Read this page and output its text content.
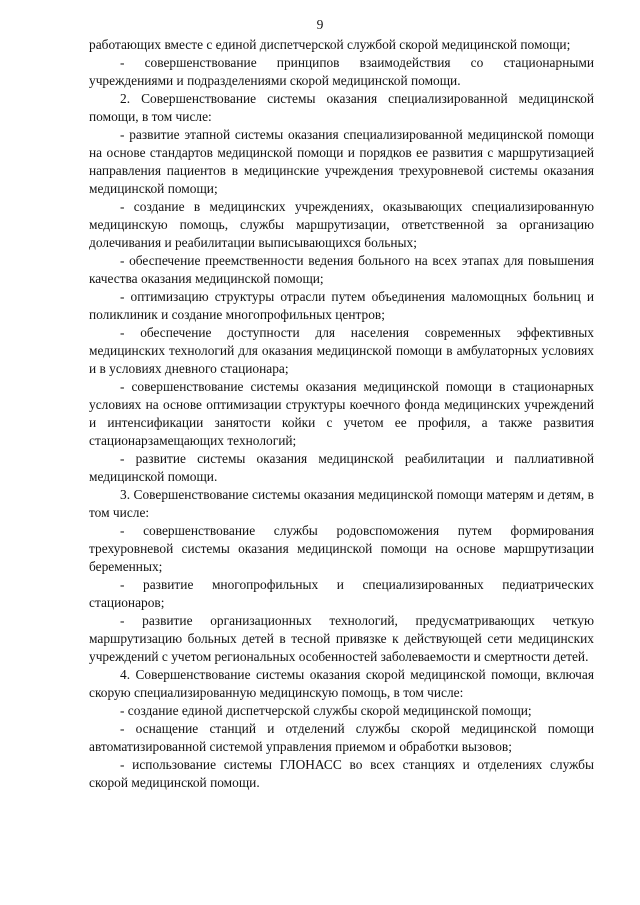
9

работающих вместе с единой диспетчерской службой скорой медицинской помощи;

- совершенствование принципов взаимодействия со стационарными учреждениями и подразделениями скорой медицинской помощи.

2. Совершенствование системы оказания специализированной медицинской помощи, в том числе:

- развитие этапной системы оказания специализированной медицинской помощи на основе стандартов медицинской помощи и порядков ее развития с маршрутизацией направления пациентов в медицинские учреждения трехуровневой системы оказания медицинской помощи;

- создание в медицинских учреждениях, оказывающих специализированную медицинскую помощь, службы маршрутизации, ответственной за организацию долечивания и реабилитации выписывающихся больных;

- обеспечение преемственности ведения больного на всех этапах для повышения качества оказания медицинской помощи;

- оптимизацию структуры отрасли путем объединения маломощных больниц и поликлиник и создание многопрофильных центров;

- обеспечение доступности для населения современных эффективных медицинских технологий для оказания медицинской помощи в амбулаторных условиях и в условиях дневного стационара;

- совершенствование системы оказания медицинской помощи в стационарных условиях на основе оптимизации структуры коечного фонда медицинских учреждений и интенсификации занятости койки с учетом ее профиля, а также развития стационарзамещающих технологий;

- развитие системы оказания медицинской реабилитации и паллиативной медицинской помощи.

3. Совершенствование системы оказания медицинской помощи матерям и детям, в том числе:

- совершенствование службы родовспоможения путем формирования трехуровневой системы оказания медицинской помощи на основе маршрутизации беременных;

- развитие многопрофильных и специализированных педиатрических стационаров;

- развитие организационных технологий, предусматривающих четкую маршрутизацию больных детей в тесной привязке к действующей сети медицинских учреждений с учетом региональных особенностей заболеваемости и смертности детей.

4. Совершенствование системы оказания скорой медицинской помощи, включая скорую специализированную медицинскую помощь, в том числе:

- создание единой диспетчерской службы скорой медицинской помощи;

- оснащение станций и отделений службы скорой медицинской помощи автоматизированной системой управления приемом и обработки вызовов;

- использование системы ГЛОНАСС во всех станциях и отделениях службы скорой медицинской помощи.
